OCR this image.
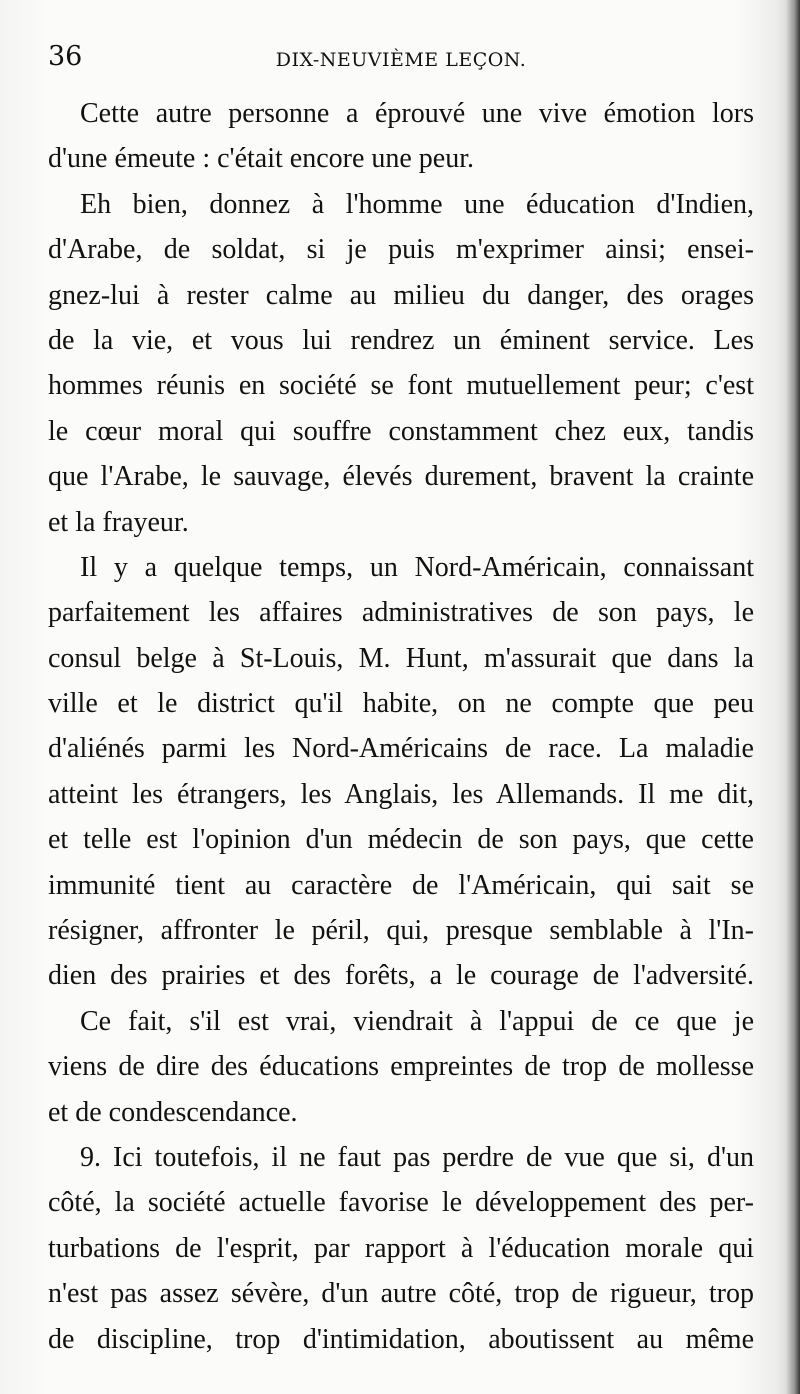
36	DIX-NEUVIÈME LEÇON.
Cette autre personne a éprouvé une vive émotion lors
d'une émeute : c'était encore une peur.
Eh bien, donnez à l'homme une éducation d'Indien,
d'Arabe, de soldat, si je puis m'exprimer ainsi; ensei-
gnez-lui à rester calme au milieu du danger, des orages
de la vie, et vous lui rendrez un éminent service. Les
hommes réunis en société se font mutuellement peur; c'est
le cœur moral qui souffre constamment chez eux, tandis
que l'Arabe, le sauvage, élevés durement, bravent la crainte
et la frayeur.
Il y a quelque temps, un Nord-Américain, connaissant
parfaitement les affaires administratives de son pays, le
consul belge à St-Louis, M. Hunt, m'assurait que dans la
ville et le district qu'il habite, on ne compte que peu
d'aliénés parmi les Nord-Américains de race. La maladie
atteint les étrangers, les Anglais, les Allemands. Il me dit,
et telle est l'opinion d'un médecin de son pays, que cette
immunité tient au caractère de l'Américain, qui sait se
résigner, affronter le péril, qui, presque semblable à l'In-
dien des prairies et des forêts, a le courage de l'adversité.
Ce fait, s'il est vrai, viendrait à l'appui de ce que je
viens de dire des éducations empreintes de trop de mollesse
et de condescendance.
9. Ici toutefois, il ne faut pas perdre de vue que si, d'un
côté, la société actuelle favorise le développement des per-
turbations de l'esprit, par rapport à l'éducation morale qui
n'est pas assez sévère, d'un autre côté, trop de rigueur, trop
de discipline, trop d'intimidation, aboutissent au même
